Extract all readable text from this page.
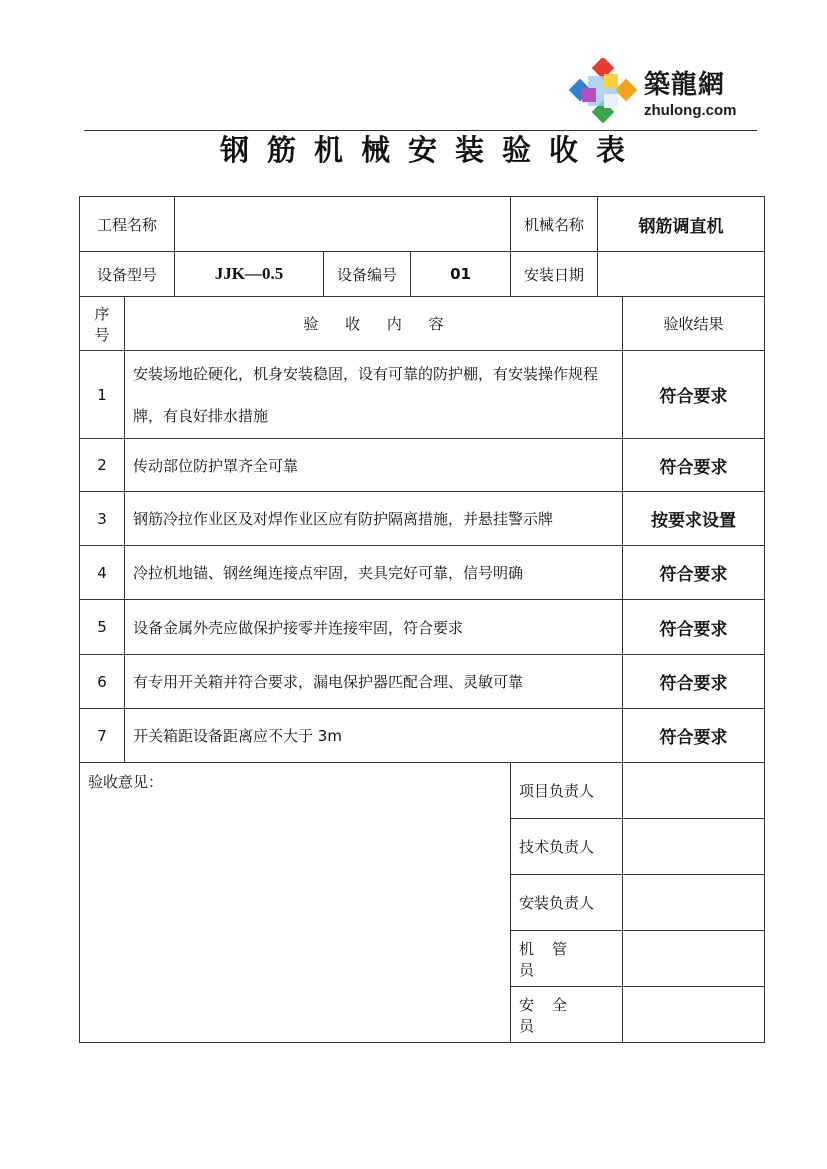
築龍網
zhulong.com
钢筋机械安装验收表
工程名称					机械名称	钢筋调直机	
设备型号		JJK—0.5	设备编号	01	安装日期		
序号	验 收 内 容						验收结果
1	安装场地砼硬化，机身安装稳固，设有可靠的防护棚，有安装操作规程牌，有良好排水措施						符合要求
2	传动部位防护罩齐全可靠						符合要求
3	钢筋冷拉作业区及对焊作业区应有防护隔离措施，并悬挂警示牌						按要求设置
4	冷拉机地锚、钢丝绳连接点牢固，夹具完好可靠，信号明确						符合要求
5	设备金属外壳应做保护接零并连接牢固，符合要求						符合要求
6	有专用开关箱并符合要求，漏电保护器匹配合理、灵敏可靠						符合要求
7	开关箱距设备距离应不大于 3m						符合要求
验收意见：					项目负责人		
					技术负责人		
					安装负责人		
					机管员		
					安全员		
